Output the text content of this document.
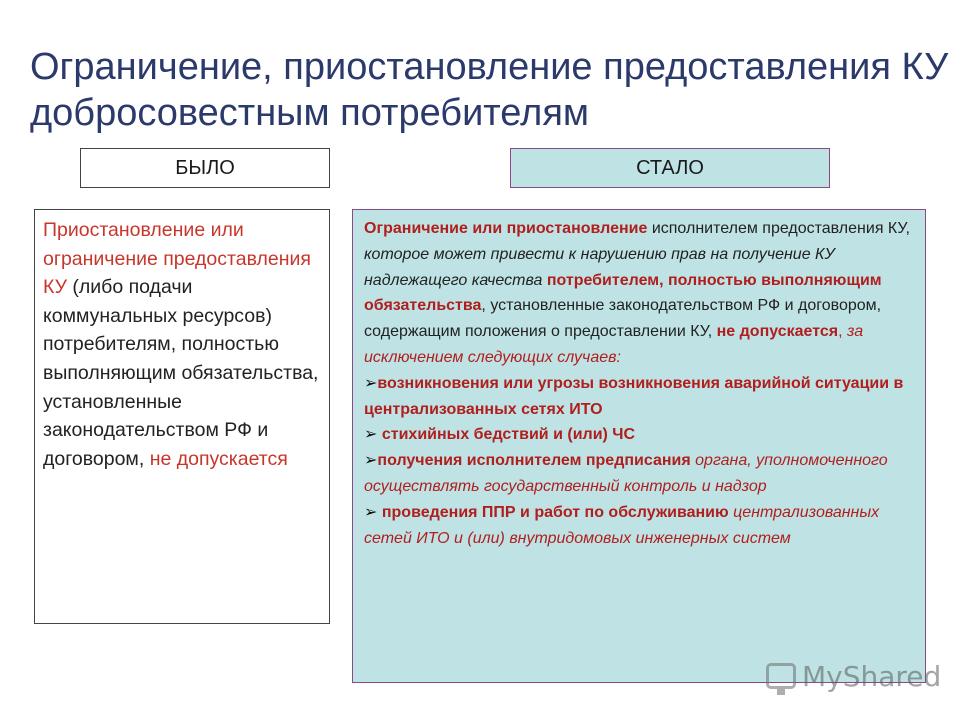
Ограничение, приостановление предоставления КУ добросовестным потребителям
БЫЛО	СТАЛО
Приостановление или ограничение предоставления КУ (либо подачи коммунальных ресурсов) потребителям, полностью выполняющим обязательства, установленные законодательством РФ и договором, не допускается

Ограничение или приостановление исполнителем предоставления КУ, которое может привести к нарушению прав на получение КУ надлежащего качества потребителем, полностью выполняющим обязательства, установленные законодательством РФ и договором, содержащим положения о предоставлении КУ, не допускается, за исключением следующих случаев:

➢возникновения или угрозы возникновения аварийной ситуации в централизованных сетях ИТО

➢ стихийных бедствий и (или) ЧС

➢получения исполнителем предписания органа, уполномоченного осуществлять государственный контроль и надзор

➢ проведения ППР и работ по обслуживанию централизованных сетей ИТО и (или) внутридомовых инженерных систем

MyShared
